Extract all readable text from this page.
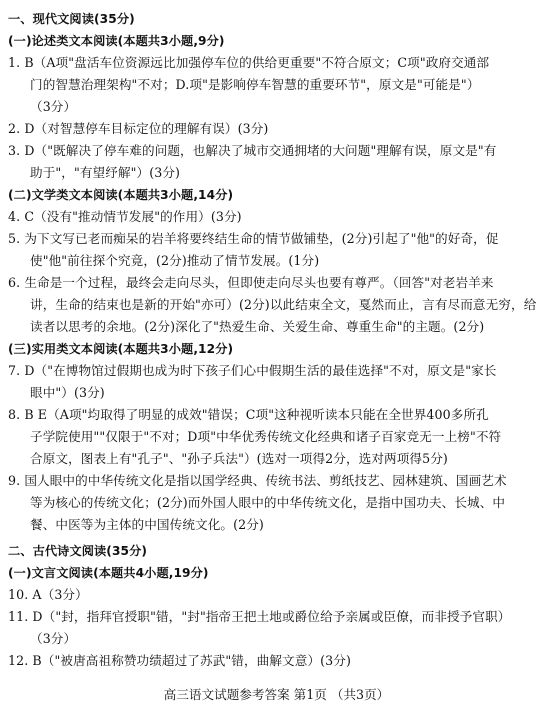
一、现代文阅读(35分)
(一)论述类文本阅读(本题共3小题,9分)
1. B（A项"盘活车位资源远比加强停车位的供给更重要"不符合原文；C项"政府交通部
门的智慧治理架构"不对；D.项"是影响停车智慧的重要环节"，原文是"可能是"）
（3分）
2. D（对智慧停车目标定位的理解有误）(3分)
3. D（"既解决了停车难的问题，也解决了城市交通拥堵的大问题"理解有误，原文是"有
助于"，"有望纾解"）(3分)
(二)文学类文本阅读(本题共3小题,14分)
4. C（没有"推动情节发展"的作用）(3分)
5. 为下文写已老而痴呆的岩羊将要终结生命的情节做铺垫，(2分)引起了"他"的好奇，促
使"他"前往探个究竟，(2分)推动了情节发展。(1分)
6. 生命是一个过程，最终会走向尽头，但即使走向尽头也要有尊严。（回答"对老岩羊来
讲，生命的结束也是新的开始"亦可）(2分)以此结束全文，戛然而止，言有尽而意无穷，给
读者以思考的余地。(2分)深化了"热爱生命、关爱生命、尊重生命"的主题。(2分)
(三)实用类文本阅读(本题共3小题,12分)
7. D（"在博物馆过假期也成为时下孩子们心中假期生活的最佳选择"不对，原文是"家长
眼中"）(3分)
8. B E（A项"均取得了明显的成效"错误；C项"这种视听读本只能在全世界400多所孔
子学院使用""仅限于"不对；D项"中华优秀传统文化经典和诸子百家竞无一上榜"不符
合原文，图表上有"孔子"、"孙子兵法"）(选对一项得2分，选对两项得5分)
9. 国人眼中的中华传统文化是指以国学经典、传统书法、剪纸技艺、园林建筑、国画艺术
等为核心的传统文化；(2分)而外国人眼中的中华传统文化，是指中国功夫、长城、中
餐、中医等为主体的中国传统文化。(2分)
二、古代诗文阅读(35分)
(一)文言文阅读(本题共4小题,19分)
10. A（3分）
11. D（"封，指拜官授职"错，"封"指帝王把土地或爵位给予亲属或臣僚，而非授予官职）
（3分）
12. B（"被唐高祖称赞功绩超过了苏武"错，曲解文意）(3分)
高三语文试题参考答案 第1页 （共3页）
